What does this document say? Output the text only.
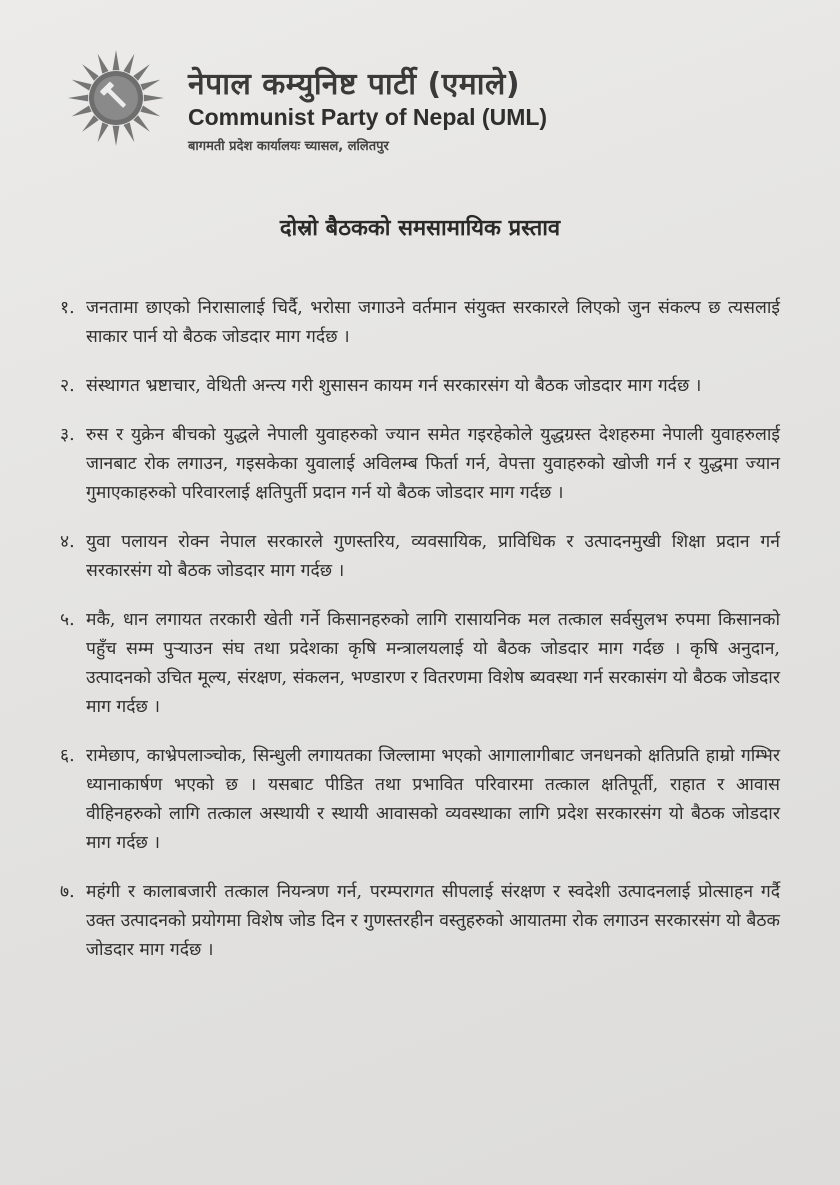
नेपाल कम्युनिष्ट पार्टी (एमाले)
Communist Party of Nepal (UML)
बागमती प्रदेश कार्यालयः च्यासल, ललितपुर
दोस्रो बैठकको समसामायिक प्रस्ताव
१. जनतामा छाएको निरासालाई चिर्दै, भरोसा जगाउने वर्तमान संयुक्त सरकारले लिएको जुन संकल्प छ त्यसलाई साकार पार्न यो बैठक जोडदार माग गर्दछ ।
२. संस्थागत भ्रष्टाचार, वेथिती अन्त्य गरी शुसासन कायम गर्न सरकारसंग यो बैठक जोडदार माग गर्दछ ।
३. रुस र युक्रेन बीचको युद्धले नेपाली युवाहरुको ज्यान समेत गइरहेकोले युद्धग्रस्त देशहरुमा नेपाली युवाहरुलाई जानबाट रोक लगाउन, गइसकेका युवालाई अविलम्ब फिर्ता गर्न, वेपत्ता युवाहरुको खोजी गर्न र युद्धमा ज्यान गुमाएकाहरुको परिवारलाई क्षतिपुर्ती प्रदान गर्न यो बैठक जोडदार माग गर्दछ ।
४. युवा पलायन रोक्न नेपाल सरकारले गुणस्तरिय, व्यवसायिक, प्राविधिक र उत्पादनमुखी शिक्षा प्रदान गर्न सरकारसंग यो बैठक जोडदार माग गर्दछ ।
५. मकै, धान लगायत तरकारी खेती गर्ने किसानहरुको लागि रासायनिक मल तत्काल सर्वसुलभ रुपमा किसानको पहुँच सम्म पुऱ्याउन संघ तथा प्रदेशका कृषि मन्त्रालयलाई यो बैठक जोडदार माग गर्दछ । कृषि अनुदान, उत्पादनको उचित मूल्य, संरक्षण, संकलन, भण्डारण र वितरणमा विशेष ब्यवस्था गर्न सरकासंग यो बैठक जोडदार माग गर्दछ ।
६. रामेछाप, काभ्रेपलाञ्चोक, सिन्धुली लगायतका जिल्लामा भएको आगालागीबाट जनधनको क्षतिप्रति हाम्रो गम्भिर ध्यानाकार्षण भएको छ । यसबाट पीडित तथा प्रभावित परिवारमा तत्काल क्षतिपूर्ती, राहात र आवास वीहिनहरुको लागि तत्काल अस्थायी र स्थायी आवासको व्यवस्थाका लागि प्रदेश सरकारसंग यो बैठक जोडदार माग गर्दछ ।
७. महंगी र कालाबजारी तत्काल नियन्त्रण गर्न, परम्परागत सीपलाई संरक्षण र स्वदेशी उत्पादनलाई प्रोत्साहन गर्दै उक्त उत्पादनको प्रयोगमा विशेष जोड दिन र गुणस्तरहीन वस्तुहरुको आयातमा रोक लगाउन सरकारसंग यो बैठक जोडदार माग गर्दछ ।
